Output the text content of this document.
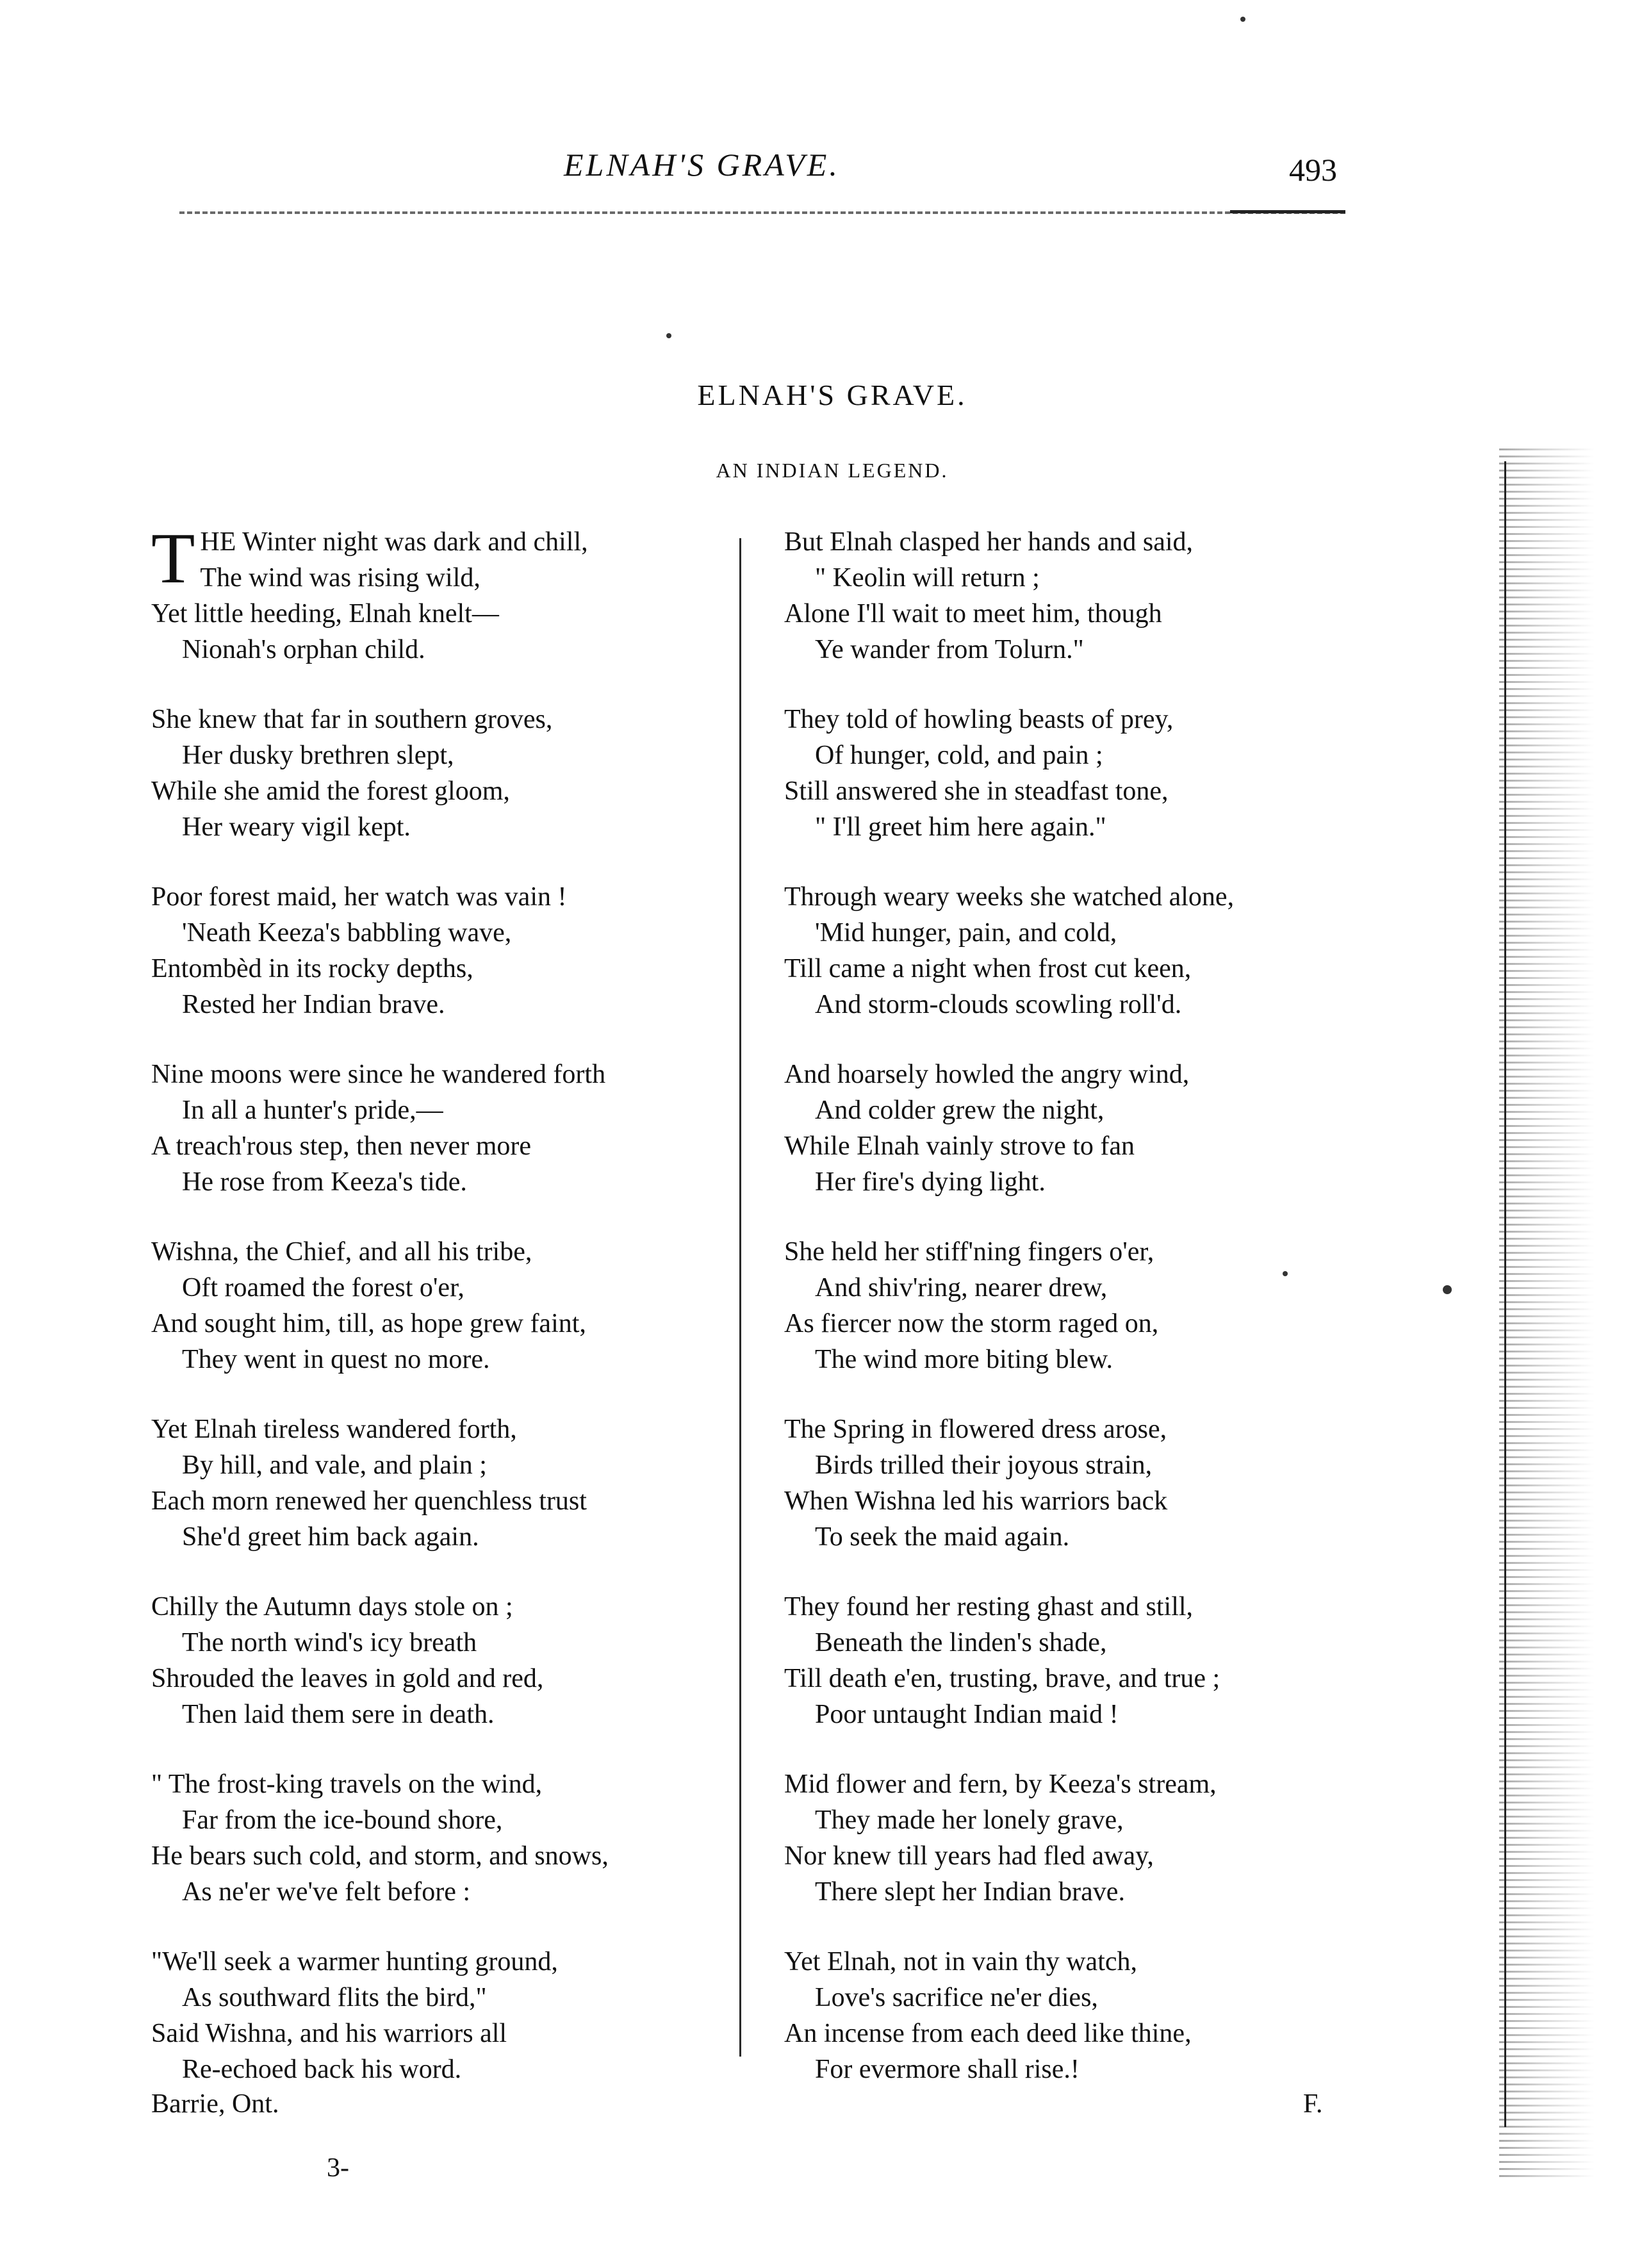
ELNAH'S GRAVE.	493
ELNAH'S GRAVE.
AN INDIAN LEGEND.
T HE Winter night was dark and chill,
The wind was rising wild,
Yet little heeding, Elnah knelt—
Nionah's orphan child.
She knew that far in southern groves,
Her dusky brethren slept,
While she amid the forest gloom,
Her weary vigil kept.
Poor forest maid, her watch was vain !
'Neath Keeza's babbling wave,
Entombèd in its rocky depths,
Rested her Indian brave.
Nine moons were since he wandered forth
In all a hunter's pride,—
A treach'rous step, then never more
He rose from Keeza's tide.
Wishna, the Chief, and all his tribe,
Oft roamed the forest o'er,
And sought him, till, as hope grew faint,
They went in quest no more.
Yet Elnah tireless wandered forth,
By hill, and vale, and plain ;
Each morn renewed her quenchless trust
She'd greet him back again.
Chilly the Autumn days stole on ;
The north wind's icy breath
Shrouded the leaves in gold and red,
Then laid them sere in death.
" The frost-king travels on the wind,
Far from the ice-bound shore,
He bears such cold, and storm, and snows,
As ne'er we've felt before :
"We'll seek a warmer hunting ground,
As southward flits the bird,"
Said Wishna, and his warriors all
Re-echoed back his word.
But Elnah clasped her hands and said,
" Keolin will return ;
Alone I'll wait to meet him, though
Ye wander from Tolurn."
They told of howling beasts of prey,
Of hunger, cold, and pain ;
Still answered she in steadfast tone,
" I'll greet him here again."
Through weary weeks she watched alone,
'Mid hunger, pain, and cold,
Till came a night when frost cut keen,
And storm-clouds scowling roll'd.
And hoarsely howled the angry wind,
And colder grew the night,
While Elnah vainly strove to fan
Her fire's dying light.
She held her stiff'ning fingers o'er,
And shiv'ring, nearer drew,
As fiercer now the storm raged on,
The wind more biting blew.
The Spring in flowered dress arose,
Birds trilled their joyous strain,
When Wishna led his warriors back
To seek the maid again.
They found her resting ghast and still,
Beneath the linden's shade,
Till death e'en, trusting, brave, and true ;
Poor untaught Indian maid !
Mid flower and fern, by Keeza's stream,
They made her lonely grave,
Nor knew till years had fled away,
There slept her Indian brave.
Yet Elnah, not in vain thy watch,
Love's sacrifice ne'er dies,
An incense from each deed like thine,
For evermore shall rise.!
Barrie, Ont.	F.
3-
